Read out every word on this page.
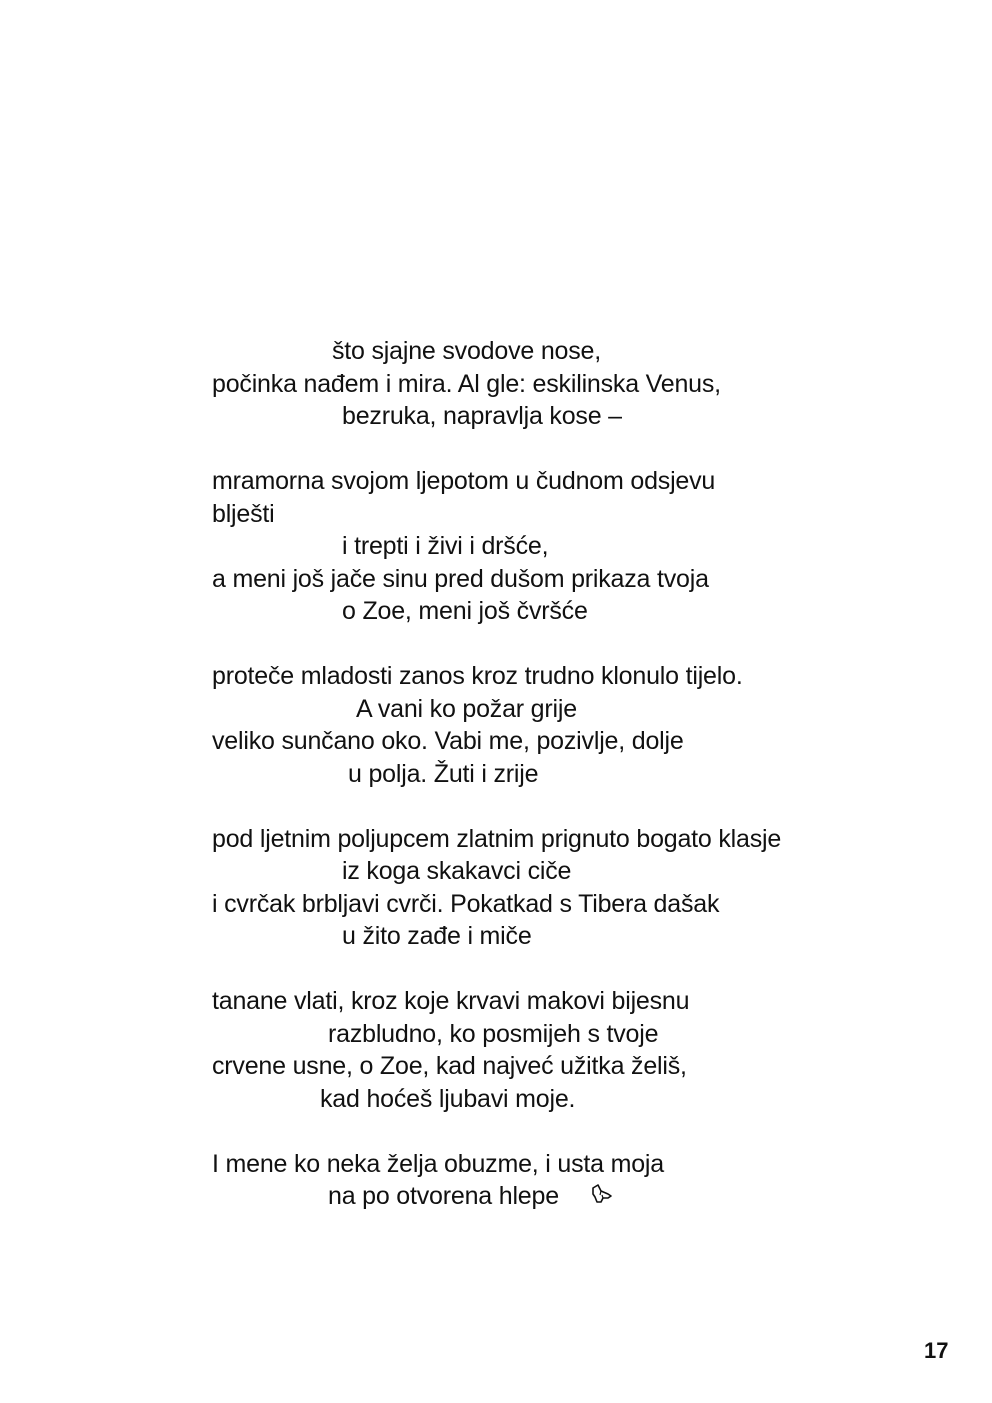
što sjajne svodove nose,
počinka nađem i mira. Al gle: eskilinska Venus,
bezruka, napravlja kose –
mramorna svojom ljepotom u čudnom odsjevu
blješti
i trepti i živi i dršće,
a meni još jače sinu pred dušom prikaza tvoja
o Zoe, meni još čvršće
proteče mladosti zanos kroz trudno klonulo tijelo.
A vani ko požar grije
veliko sunčano oko. Vabi me, pozivlje, dolje
u polja. Žuti i zrije
pod ljetnim poljupcem zlatnim prignuto bogato klasje
iz koga skakavci ciče
i cvrčak brbljavi cvrči. Pokatkad s Tibera dašak
u žito zađe i miče
tanane vlati, kroz koje krvavi makovi bijesnu
razbludno, ko posmijeh s tvoje
crvene usne, o Zoe, kad najveć užitka želiš,
kad hoćeš ljubavi moje.
I mene ko neka želja obuzme, i usta moja
na po otvorena hlepe
17
